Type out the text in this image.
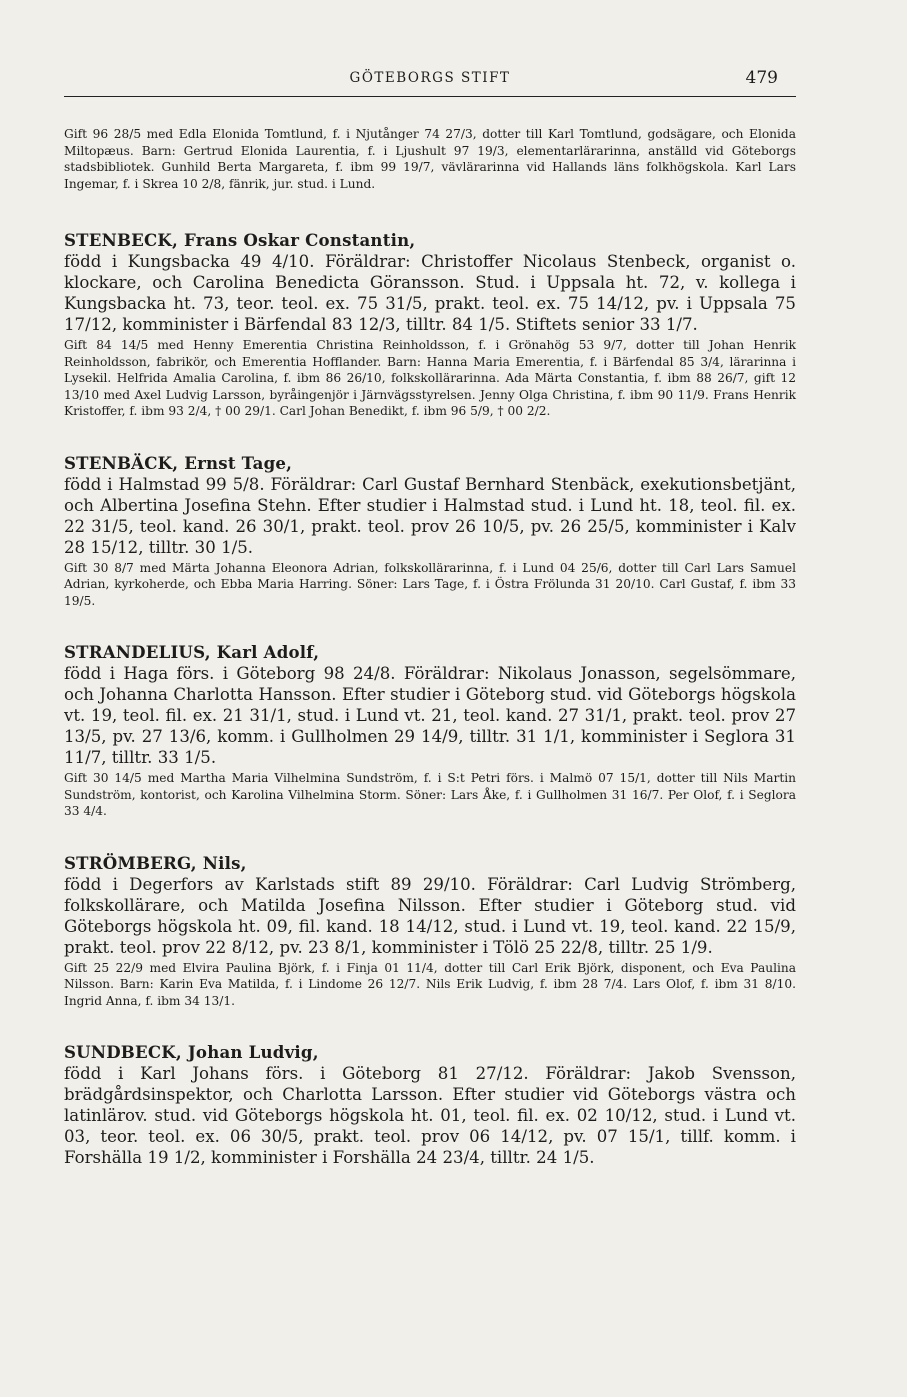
GÖTEBORGS STIFT	479

Gift 96 28/5 med Edla Elonida Tomtlund, f. i Njutånger 74 27/3, dotter till Karl Tomtlund, godsägare, och Elonida Miltopæus. Barn: Gertrud Elonida Laurentia, f. i Ljushult 97 19/3, elementarlärarinna, anställd vid Göteborgs stadsbibliotek. Gunhild Berta Margareta, f. ibm 99 19/7, vävlärarinna vid Hallands läns folkhögskola. Karl Lars Ingemar, f. i Skrea 10 2/8, fänrik, jur. stud. i Lund.

STENBECK, Frans Oskar Constantin,
född i Kungsbacka 49 4/10. Föräldrar: Christoffer Nicolaus Stenbeck, organist o. klockare, och Carolina Benedicta Göransson. Stud. i Uppsala ht. 72, v. kollega i Kungsbacka ht. 73, teor. teol. ex. 75 31/5, prakt. teol. ex. 75 14/12, pv. i Uppsala 75 17/12, komminister i Bärfendal 83 12/3, tilltr. 84 1/5. Stiftets senior 33 1/7.

Gift 84 14/5 med Henny Emerentia Christina Reinholdsson, f. i Grönahög 53 9/7, dotter till Johan Henrik Reinholdsson, fabrikör, och Emerentia Hofflander. Barn: Hanna Maria Emerentia, f. i Bärfendal 85 3/4, lärarinna i Lysekil. Helfrida Amalia Carolina, f. ibm 86 26/10, folkskollärarinna. Ada Märta Constantia, f. ibm 88 26/7, gift 12 13/10 med Axel Ludvig Larsson, byråingenjör i Järnvägsstyrelsen. Jenny Olga Christina, f. ibm 90 11/9. Frans Henrik Kristoffer, f. ibm 93 2/4, † 00 29/1. Carl Johan Benedikt, f. ibm 96 5/9, † 00 2/2.

STENBÄCK, Ernst Tage,
född i Halmstad 99 5/8. Föräldrar: Carl Gustaf Bernhard Stenbäck, exekutionsbetjänt, och Albertina Josefina Stehn. Efter studier i Halmstad stud. i Lund ht. 18, teol. fil. ex. 22 31/5, teol. kand. 26 30/1, prakt. teol. prov 26 10/5, pv. 26 25/5, komminister i Kalv 28 15/12, tilltr. 30 1/5.

Gift 30 8/7 med Märta Johanna Eleonora Adrian, folkskollärarinna, f. i Lund 04 25/6, dotter till Carl Lars Samuel Adrian, kyrkoherde, och Ebba Maria Harring. Söner: Lars Tage, f. i Östra Frölunda 31 20/10. Carl Gustaf, f. ibm 33 19/5.

STRANDELIUS, Karl Adolf,
född i Haga förs. i Göteborg 98 24/8. Föräldrar: Nikolaus Jonasson, segelsömmare, och Johanna Charlotta Hansson. Efter studier i Göteborg stud. vid Göteborgs högskola vt. 19, teol. fil. ex. 21 31/1, stud. i Lund vt. 21, teol. kand. 27 31/1, prakt. teol. prov 27 13/5, pv. 27 13/6, komm. i Gullholmen 29 14/9, tilltr. 31 1/1, komminister i Seglora 31 11/7, tilltr. 33 1/5.

Gift 30 14/5 med Martha Maria Vilhelmina Sundström, f. i S:t Petri förs. i Malmö 07 15/1, dotter till Nils Martin Sundström, kontorist, och Karolina Vilhelmina Storm. Söner: Lars Åke, f. i Gullholmen 31 16/7. Per Olof, f. i Seglora 33 4/4.

STRÖMBERG, Nils,
född i Degerfors av Karlstads stift 89 29/10. Föräldrar: Carl Ludvig Strömberg, folkskollärare, och Matilda Josefina Nilsson. Efter studier i Göteborg stud. vid Göteborgs högskola ht. 09, fil. kand. 18 14/12, stud. i Lund vt. 19, teol. kand. 22 15/9, prakt. teol. prov 22 8/12, pv. 23 8/1, komminister i Tölö 25 22/8, tilltr. 25 1/9.

Gift 25 22/9 med Elvira Paulina Björk, f. i Finja 01 11/4, dotter till Carl Erik Björk, disponent, och Eva Paulina Nilsson. Barn: Karin Eva Matilda, f. i Lindome 26 12/7. Nils Erik Ludvig, f. ibm 28 7/4. Lars Olof, f. ibm 31 8/10. Ingrid Anna, f. ibm 34 13/1.

SUNDBECK, Johan Ludvig,
född i Karl Johans förs. i Göteborg 81 27/12. Föräldrar: Jakob Svensson, brädgårdsinspektor, och Charlotta Larsson. Efter studier vid Göteborgs västra och latinlärov. stud. vid Göteborgs högskola ht. 01, teol. fil. ex. 02 10/12, stud. i Lund vt. 03, teor. teol. ex. 06 30/5, prakt. teol. prov 06 14/12, pv. 07 15/1, tillf. komm. i Forshälla 19 1/2, komminister i Forshälla 24 23/4, tilltr. 24 1/5.
